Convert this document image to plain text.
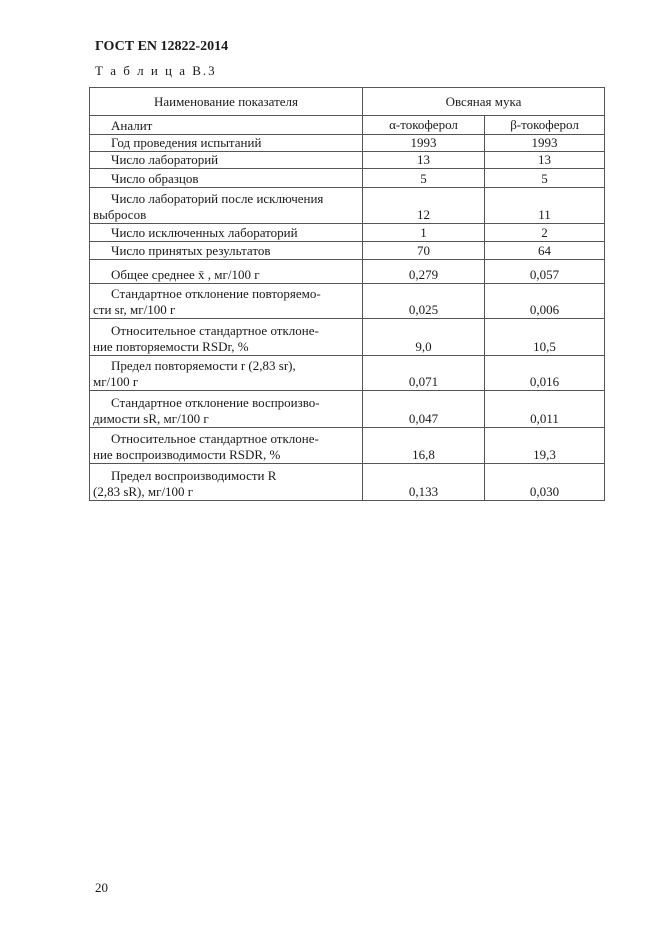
ГОСТ EN 12822-2014
Т а б л и ц а В.3
Наименование показателя	Овсяная мука	
Аналит	α-токоферол	β-токоферол
Год проведения испытаний	1993	1993
Число лабораторий	13	13
Число образцов	5	5

Число лабораторий после исключения
выбросов	12	11
Число исключенных лабораторий	1	2
Число принятых результатов	70	64
Общее среднее x̄ , мг/100 г	0,279	0,057

Стандартное отклонение повторяемо-
сти sr, мг/100 г	0,025	0,006

Относительное стандартное отклоне-
ние повторяемости RSDr, %	9,0	10,5

Предел повторяемости r (2,83 sr),
мг/100 г	0,071	0,016

Стандартное отклонение воспроизво-
димости sR, мг/100 г	0,047	0,011

Относительное стандартное отклоне-
ние воспроизводимости RSDR, %	16,8	19,3

Предел воспроизводимости R
(2,83 sR), мг/100 г	0,133	0,030
20
